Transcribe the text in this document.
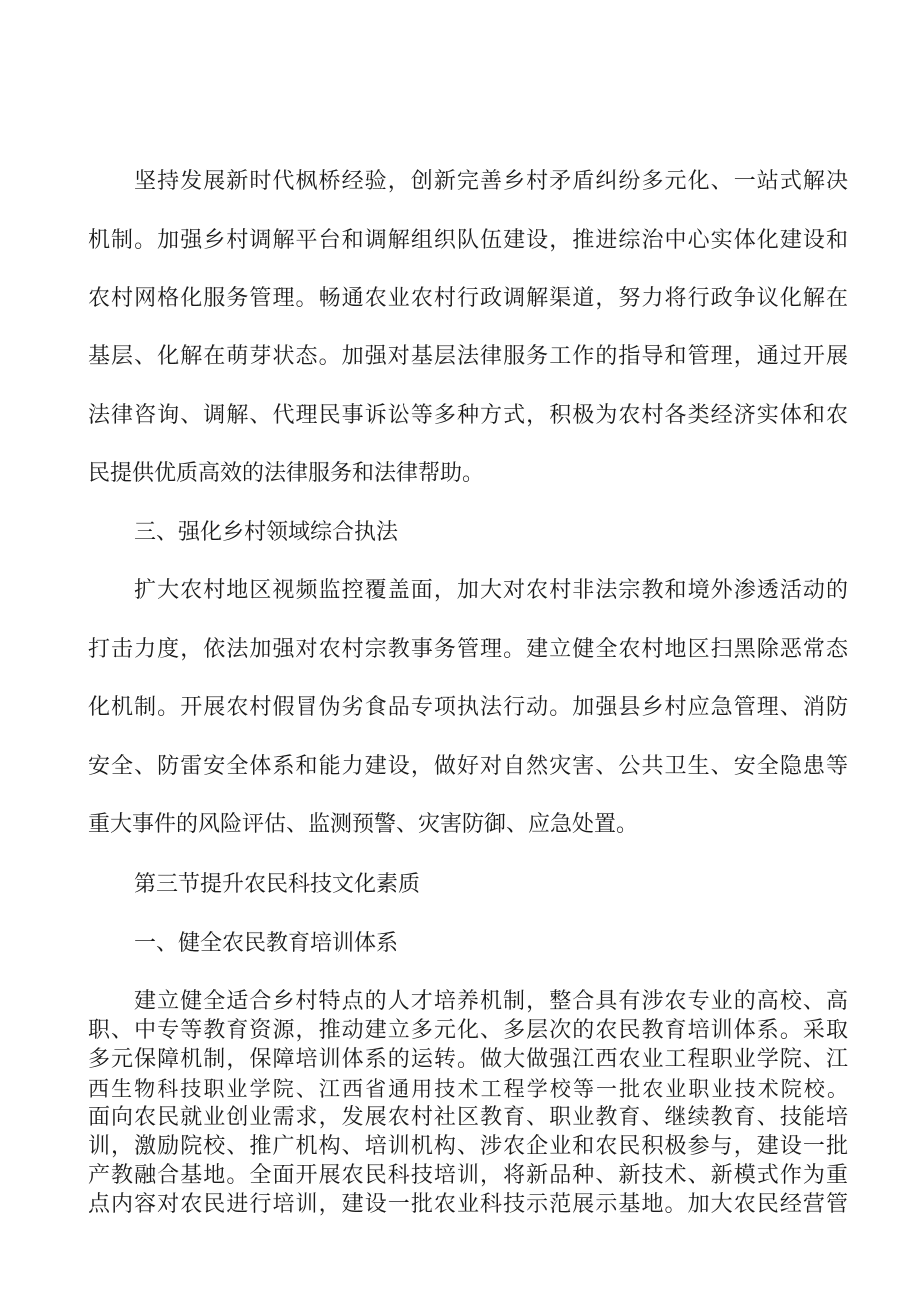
坚持发展新时代枫桥经验，创新完善乡村矛盾纠纷多元化、一站式解决
机制。加强乡村调解平台和调解组织队伍建设，推进综治中心实体化建设和
农村网格化服务管理。畅通农业农村行政调解渠道，努力将行政争议化解在
基层、化解在萌芽状态。加强对基层法律服务工作的指导和管理，通过开展
法律咨询、调解、代理民事诉讼等多种方式，积极为农村各类经济实体和农
民提供优质高效的法律服务和法律帮助。
三、强化乡村领域综合执法
扩大农村地区视频监控覆盖面，加大对农村非法宗教和境外渗透活动的
打击力度，依法加强对农村宗教事务管理。建立健全农村地区扫黑除恶常态
化机制。开展农村假冒伪劣食品专项执法行动。加强县乡村应急管理、消防
安全、防雷安全体系和能力建设，做好对自然灾害、公共卫生、安全隐患等
重大事件的风险评估、监测预警、灾害防御、应急处置。
第三节提升农民科技文化素质
一、健全农民教育培训体系
建立健全适合乡村特点的人才培养机制，整合具有涉农专业的高校、高
职、中专等教育资源，推动建立多元化、多层次的农民教育培训体系。采取
多元保障机制，保障培训体系的运转。做大做强江西农业工程职业学院、江
西生物科技职业学院、江西省通用技术工程学校等一批农业职业技术院校。
面向农民就业创业需求，发展农村社区教育、职业教育、继续教育、技能培
训，激励院校、推广机构、培训机构、涉农企业和农民积极参与，建设一批
产教融合基地。全面开展农民科技培训，将新品种、新技术、新模式作为重
点内容对农民进行培训，建设一批农业科技示范展示基地。加大农民经营管
